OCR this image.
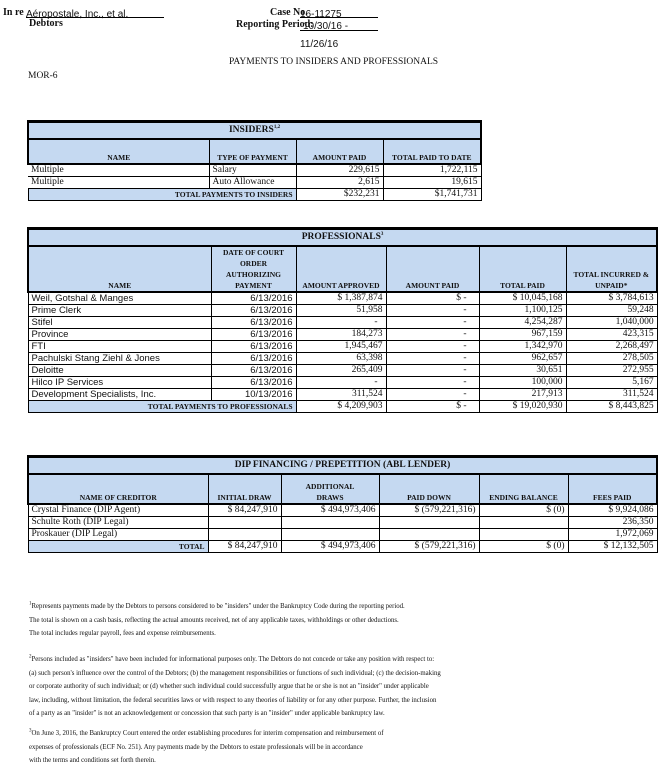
In re Aéropostale, Inc., et al.
Debtors
Case No.
16-11275
Reporting Period:
10/30/16 - 11/26/16
PAYMENTS TO INSIDERS AND PROFESSIONALS
MOR-6
INSIDERS$^{1,2}$
NAME	TYPE OF PAYMENT	AMOUNT PAID	TOTAL PAID TO DATE
Multiple	Salary	229,615	1,722,115
Multiple	Auto Allowance	2,615	19,615
TOTAL PAYMENTS TO INSIDERS		$232,231	$1,741,731
PROFESSIONALS$^3$
NAME	DATE OF COURT ORDER AUTHORIZING PAYMENT	AMOUNT APPROVED	AMOUNT PAID	TOTAL PAID	TOTAL INCURRED & UNPAID*
Weil, Gotshal & Manges	6/13/2016	$ 1,387,874	$ -	$ 10,045,168	$ 3,784,613
Prime Clerk	6/13/2016	51,958	-	1,100,125	59,248
Stifel	6/13/2016	-	-	4,254,287	1,040,000
Province	6/13/2016	184,273	-	967,159	423,315
FTI	6/13/2016	1,945,467	-	1,342,970	2,268,497
Pachulski Stang Ziehl & Jones	6/13/2016	63,398	-	962,657	278,505
Deloitte	6/13/2016	265,409	-	30,651	272,955
Hilco IP Services	6/13/2016	-	-	100,000	5,167
Development Specialists, Inc.	10/13/2016	311,524	-	217,913	311,524
TOTAL PAYMENTS TO PROFESSIONALS		$ 4,209,903	$ -	$ 19,020,930	$ 8,443,825
DIP FINANCING / PREPETITION (ABL LENDER)					
NAME OF CREDITOR	INITIAL DRAW	ADDITIONAL DRAWS	PAID DOWN	ENDING BALANCE	FEES PAID
Crystal Finance (DIP Agent)	$ 84,247,910	$ 494,973,406	$ (579,221,316)	$ (0)	$ 9,924,086
Schulte Roth (DIP Legal)					236,350
Proskauer (DIP Legal)					1,972,069
TOTAL	$ 84,247,910	$ 494,973,406	$ (579,221,316)	$ (0)	$ 12,132,505
$^1$Represents payments made by the Debtors to persons considered to be "insiders" under the Bankruptcy Code during the reporting period.
The total is shown on a cash basis, reflecting the actual amounts received, net of any applicable taxes, withholdings or other deductions.
The total includes regular payroll, fees and expense reimbursements.
$^2$Persons included as "insiders" have been included for informational purposes only. The Debtors do not concede or take any position with respect to:
(a) such person's influence over the control of the Debtors; (b) the management responsibilities or functions of such individual; (c) the decision-making
or corporate authority of such individual; or (d) whether such individual could successfully argue that he or she is not an "insider" under applicable
law, including, without limitation, the federal securities laws or with respect to any theories of liability or for any other purpose. Further, the inclusion
of a party as an "insider" is not an acknowledgement or concession that such party is an "insider" under applicable bankruptcy law.
$^3$On June 3, 2016, the Bankruptcy Court entered the order establishing procedures for interim compensation and reimbursement of
expenses of professionals (ECF No. 251). Any payments made by the Debtors to estate professionals will be in accordance
with the terms and conditions set forth therein.
